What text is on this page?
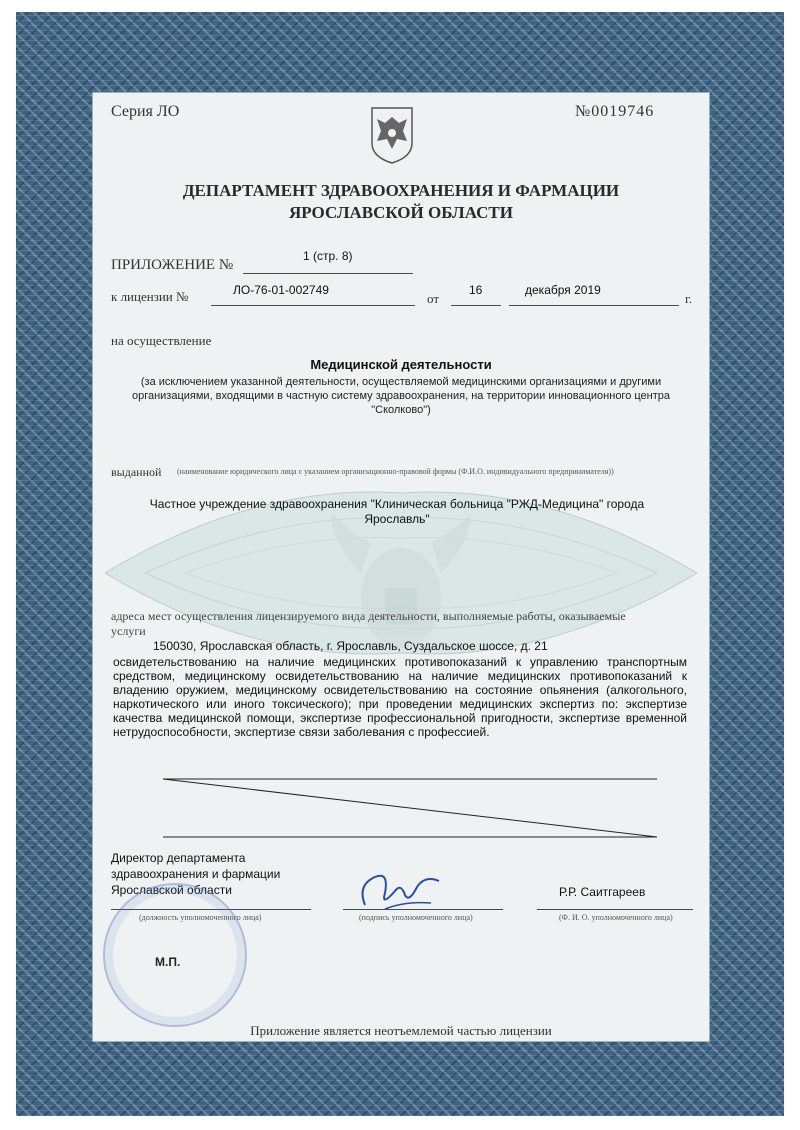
Серия ЛО	№0019746
ДЕПАРТАМЕНТ ЗДРАВООХРАНЕНИЯ И ФАРМАЦИИ
ЯРОСЛАВСКОЙ ОБЛАСТИ
ПРИЛОЖЕНИЕ №
1 (стр. 8)
к лицензии №	ЛО-76-01-002749
от
16	декабря 2019
г.
на осуществление
Медицинской деятельности
(за исключением указанной деятельности, осуществляемой медицинскими организациями и другими организациями, входящими в частную систему здравоохранения, на территории инновационного центра "Сколково")
выданной (наименование юридического лица с указанием организационно-правовой формы (Ф.И.О. индивидуального предпринимателя))
Частное учреждение здравоохранения "Клиническая больница "РЖД-Медицина" города Ярославль"
адреса мест осуществления лицензируемого вида деятельности, выполняемые работы, оказываемые услуги
150030, Ярославская область, г. Ярославль, Суздальское шоссе, д. 21
освидетельствованию на наличие медицинских противопоказаний к управлению транспортным средством, медицинскому освидетельствованию на наличие медицинских противопоказаний к владению оружием, медицинскому освидетельствованию на состояние опьянения (алкогольного, наркотического или иного токсического); при проведении медицинских экспертиз по: экспертизе качества медицинской помощи, экспертизе профессиональной пригодности, экспертизе временной нетрудоспособности, экспертизе связи заболевания с профессией.
Директор департамента
здравоохранения и фармации
Ярославской области
(должность уполномоченного лица)	(подпись уполномоченного лица)
Р.Р. Саитгареев
(Ф. И. О. уполномоченного лица)
М.П.
Приложение является неотъемлемой частью лицензии
